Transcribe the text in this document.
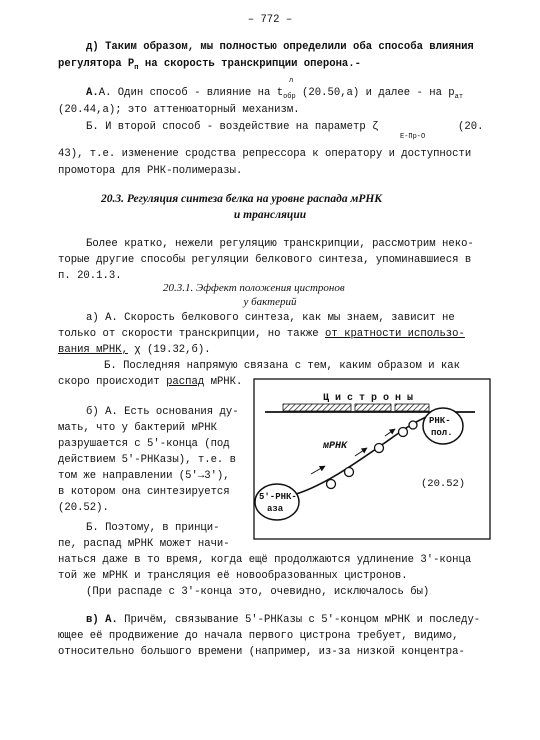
– 772 –
д) Таким образом, мы полностью определили оба способа влияния
регулятора $P_п$ на скорость транскрипции оперона.-
А.А. Один способ - влияние на $t_{обр}$ (20.50,а) и далее - на $p_{ат}$
л
(20.44,а); это аттенюаторный механизм.
Б. И второй способ - воздействие на параметр ζ
E-Пр-О
(20.
43), т.е. изменение сродства репрессора к оператору и доступности
промотора для РНК-полимеразы.
20.3. Регуляция синтеза белка на уровне распада мРНК
и трансляции
Более кратко, нежели регуляцию транскрипции, рассмотрим неко-
торые другие способы регуляции белкового синтеза, упоминавшиеся в
п. 20.1.3.
20.3.1. Эффект положения цистронов
у бактерий
а) А. Скорость белкового синтеза, как мы знаем, зависит не
только от скорости транскрипции, но также от кратности использо-
вания мРНК, χ (19.32,б).
Б. Последняя напрямую связана с тем, каким образом и как
скоро происходит распад мРНК.
б) А. Есть основания ду-
мать, что у бактерий мРНК
разрушается с 5'-конца (под
действием 5'-РНКазы), т.е. в
том же направлении (5'→3'),
в котором она синтезируется
(20.52).
Б. Поэтому, в принци-
пе, распад мРНК может начи-
наться даже в то время, когда ещё продолжаются удлинение 3'-конца
той же мРНК и трансляция её новообразованных цистронов.
(При распаде с 3'-конца это, очевидно, исключалось бы)
в) А. Причём, связывание 5'-РНКазы с 5'-концом мРНК и последу-
ющее её продвижение до начала первого цистрона требует, видимо,
относительно большого времени (например, из-за низкой концентра-
Ц и с т р о н ы
мРНК
РНК-
пол.
5'-РНК-
аза
(20.52)
